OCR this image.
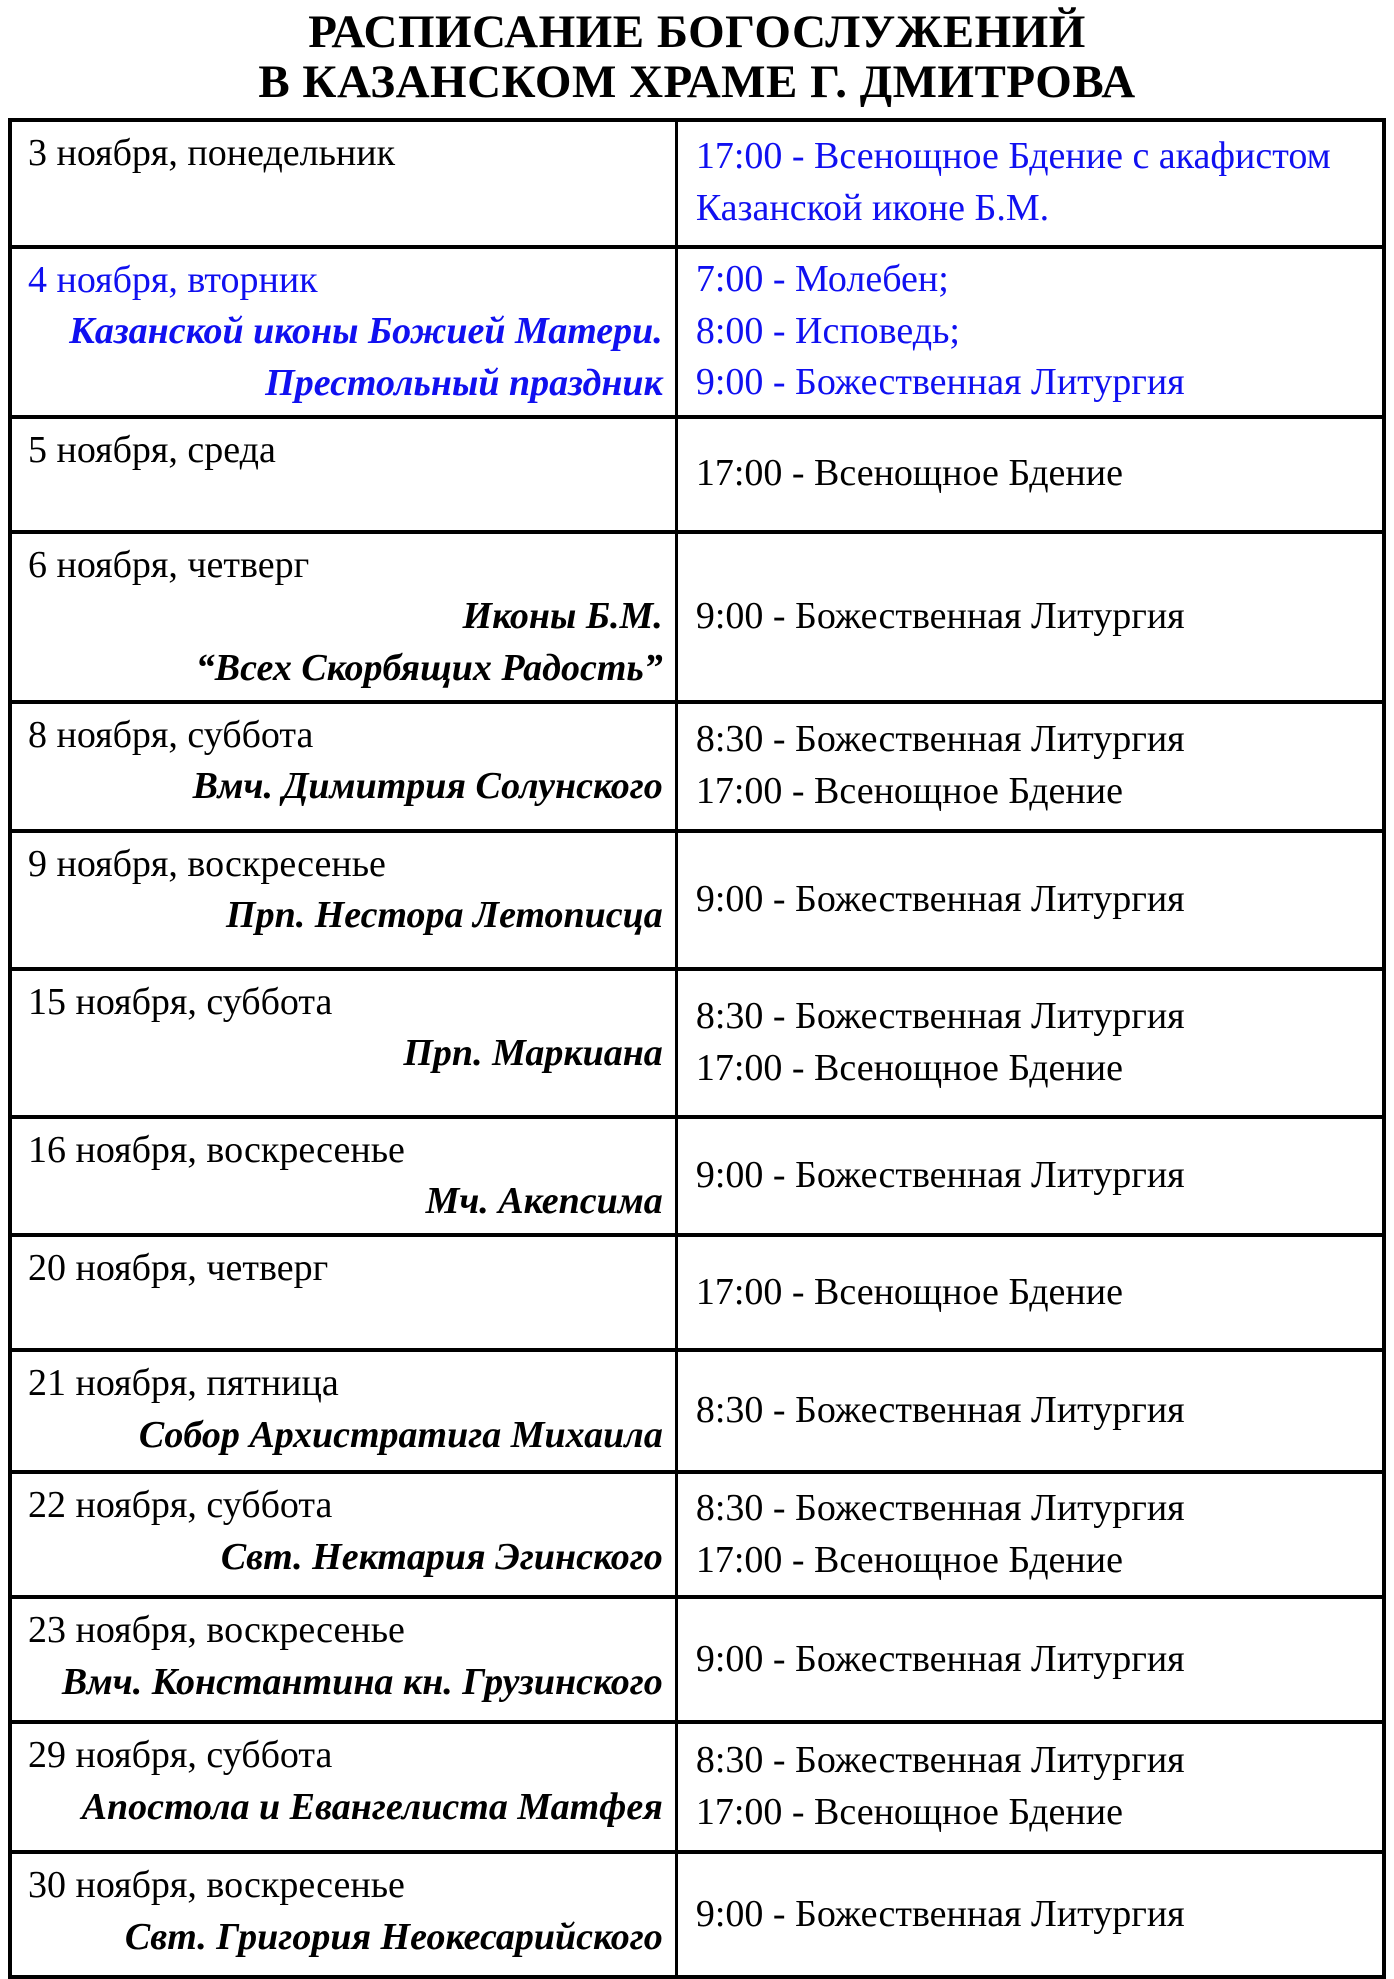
РАСПИСАНИЕ БОГОСЛУЖЕНИЙ
В КАЗАНСКОМ ХРАМЕ Г. ДМИТРОВА
3 ноября, понедельник	17:00 - Всенощное Бдение с акафистом Казанской иконе Б.М.
4 ноября, вторник
Казанской иконы Божией Матери.
Престольный праздник
7:00 - Молебен;
8:00 - Исповедь;
9:00 - Божественная Литургия
5 ноября, среда
17:00 - Всенощное Бдение
6 ноября, четверг
Иконы Б.М.
“Всех Скорбящих Радость”
9:00 - Божественная Литургия
8 ноября, суббота
Вмч. Димитрия Солунского
8:30 - Божественная Литургия
17:00 - Всенощное Бдение
9 ноября, воскресенье
Прп. Нестора Летописца 9:00 - Божественная Литургия
15 ноября, суббота
Прп. Маркиана
8:30 - Божественная Литургия
17:00 - Всенощное Бдение
16 ноября, воскресенье
Мч. Акепсима
9:00 - Божественная Литургия
20 ноября, четверг
17:00 - Всенощное Бдение
21 ноября, пятница
Собор Архистратига Михаила
8:30 - Божественная Литургия
22 ноября, суббота
Свт. Нектария Эгинского
8:30 - Божественная Литургия
17:00 - Всенощное Бдение
23 ноября, воскресенье
Вмч. Константина кн. Грузинского
9:00 - Божественная Литургия
29 ноября, суббота
Апостола и Евангелиста Матфея
8:30 - Божественная Литургия
17:00 - Всенощное Бдение
30 ноября, воскресенье
Свт. Григория Неокесарийского
9:00 - Божественная Литургия
